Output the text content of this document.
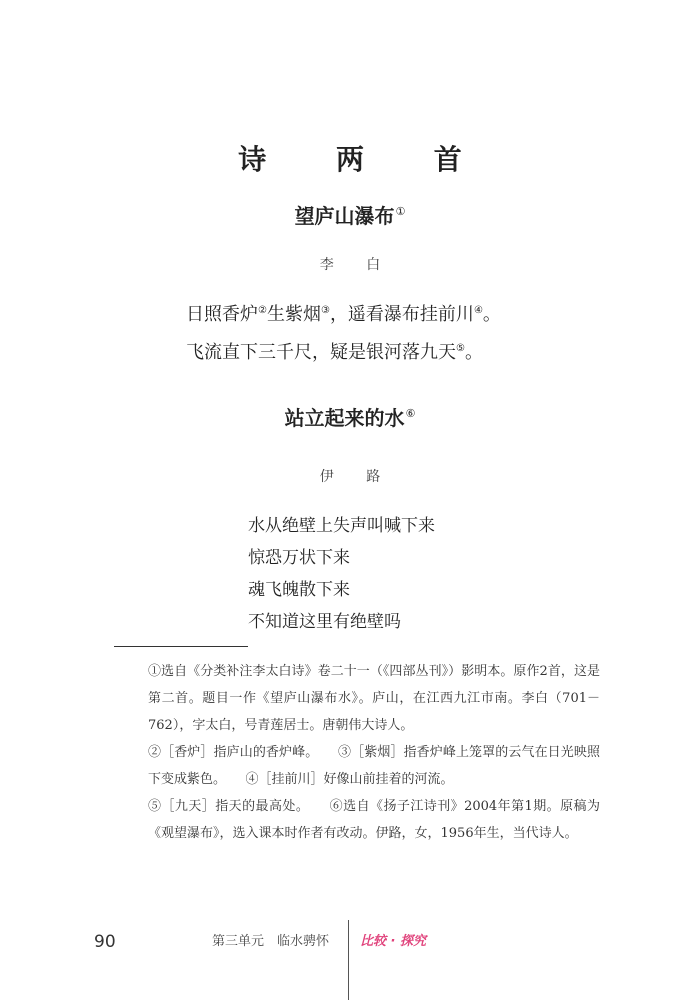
诗 两 首
望庐山瀑布①
李 白
日照香炉②生紫烟③，遥看瀑布挂前川④。
飞流直下三千尺，疑是银河落九天⑤。
站立起来的水⑥
伊 路
水从绝壁上失声叫喊下来
惊恐万状下来
魂飞魄散下来
不知道这里有绝壁吗

①选自《分类补注李太白诗》卷二十一（《四部丛刊》）影明本。原作2首，这是第二首。题目一作《望庐山瀑布水》。庐山，在江西九江市南。李白（701－762），字太白，号青莲居士。唐朝伟大诗人。

②［香炉］指庐山的香炉峰。　　③［紫烟］指香炉峰上笼罩的云气在日光映照下变成紫色。　　④［挂前川］好像山前挂着的河流。

⑤［九天］指天的最高处。　　⑥选自《扬子江诗刊》2004年第1期。原稿为《观望瀑布》，选入课本时作者有改动。伊路，女，1956年生，当代诗人。

90	第三单元　临水骋怀 比较 · 探究
